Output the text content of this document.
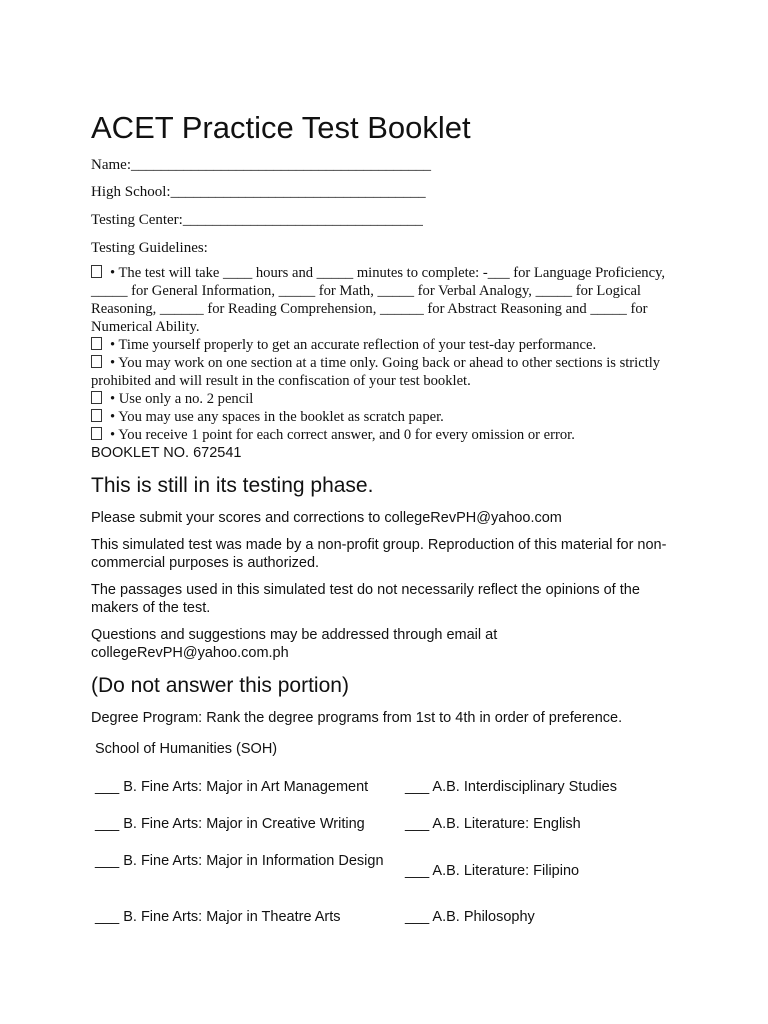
ACET Practice Test Booklet
Name:________________________________________
High School:__________________________________
Testing Center:________________________________
Testing Guidelines:

• The test will take ____ hours and _____ minutes to complete: -___ for Language Proficiency, _____ for General Information, _____ for Math, _____ for Verbal Analogy, _____ for Logical Reasoning, ______ for Reading Comprehension, ______ for Abstract Reasoning and _____ for Numerical Ability.

• Time yourself properly to get an accurate reflection of your test-day performance.

• You may work on one section at a time only. Going back or ahead to other sections is strictly prohibited and will result in the confiscation of your test booklet.

• Use only a no. 2 pencil

• You may use any spaces in the booklet as scratch paper.

• You receive 1 point for each correct answer, and 0 for every omission or error.

BOOKLET NO. 672541
This is still in its testing phase.
Please submit your scores and corrections to collegeRevPH@yahoo.com
This simulated test was made by a non-profit group. Reproduction of this material for non-commercial purposes is authorized.
The passages used in this simulated test do not necessarily reflect the opinions of the makers of the test.
Questions and suggestions may be addressed through email at collegeRevPH@yahoo.com.ph
(Do not answer this portion)
Degree Program: Rank the degree programs from 1st to 4th in order of preference.
School of Humanities (SOH)
___ B. Fine Arts: Major in Art Management
___ B. Fine Arts: Major in Creative Writing
___ B. Fine Arts: Major in Information Design
___ B. Fine Arts: Major in Theatre Arts
___ A.B. Interdisciplinary Studies
___ A.B. Literature: English
___ A.B. Literature: Filipino
___ A.B. Philosophy
